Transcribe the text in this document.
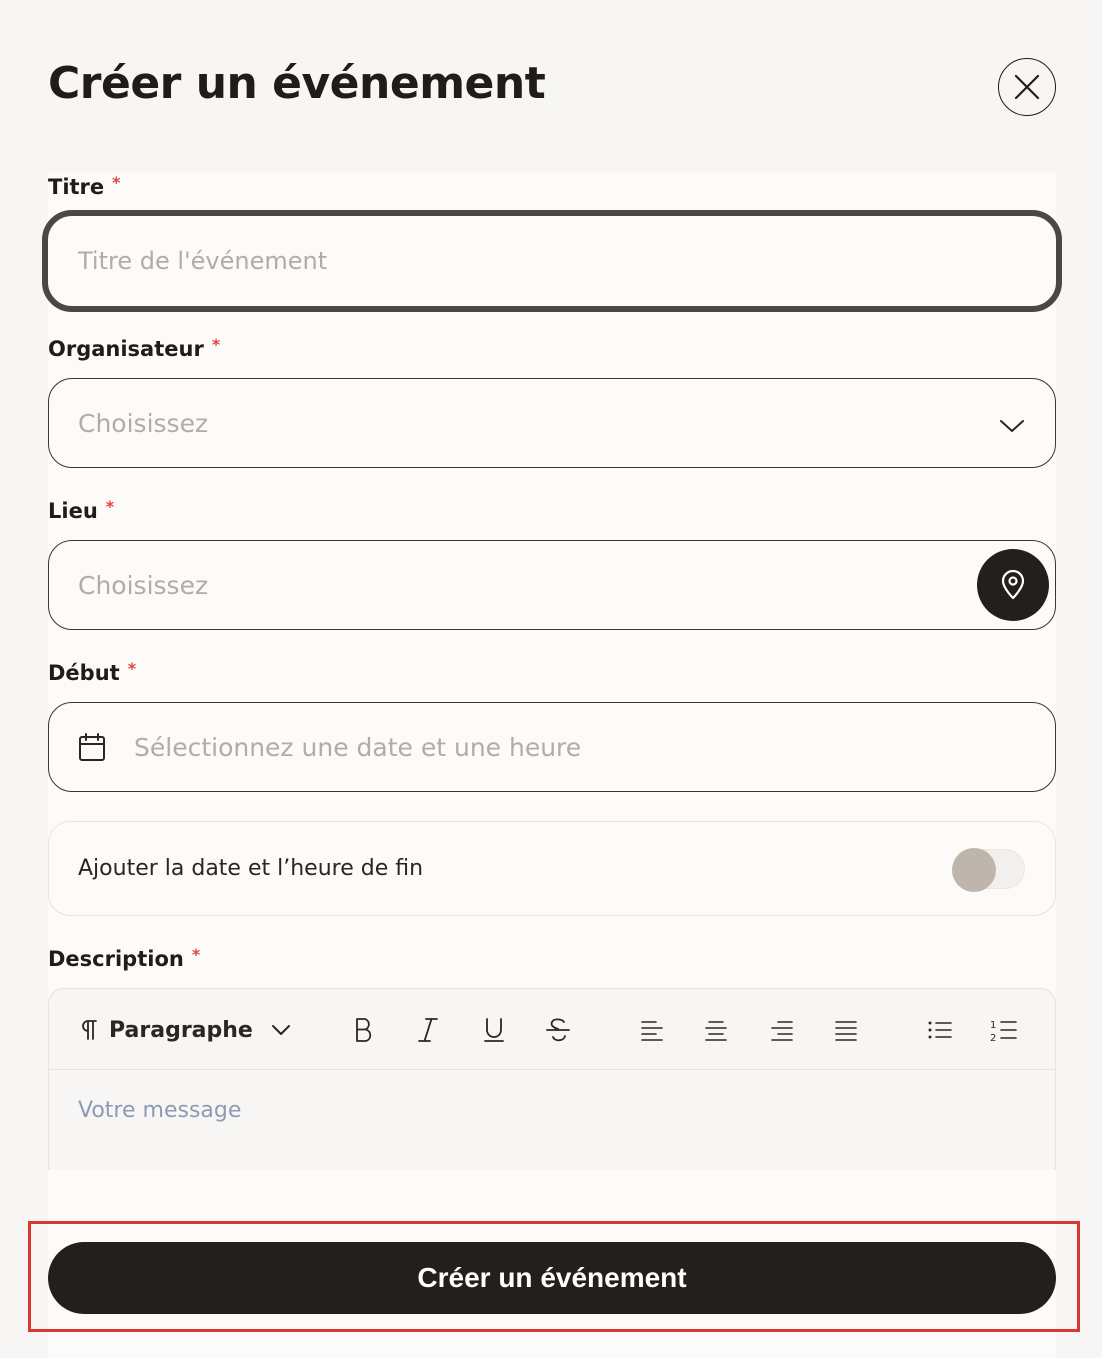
Créer un événement
Titre *
Titre de l'événement
Organisateur *
Choisissez
Lieu *
Choisissez
Début *
Sélectionnez une date et une heure
Ajouter la date et l’heure de fin
Description *
Paragraphe	1
2
Votre message
Créer un événement
